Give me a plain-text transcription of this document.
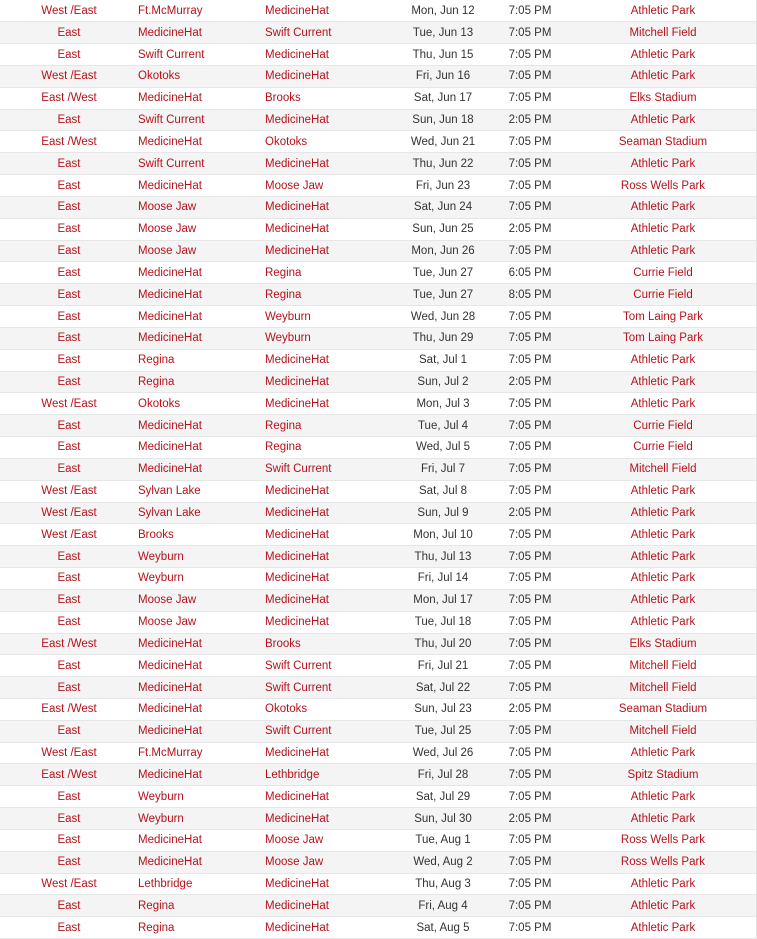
West /East	Ft.McMurray	MedicineHat	Mon, Jun 12	7:05 PM	Athletic Park
East	MedicineHat	Swift Current	Tue, Jun 13	7:05 PM	Mitchell Field
East	Swift Current	MedicineHat	Thu, Jun 15	7:05 PM	Athletic Park
West /East	Okotoks	MedicineHat	Fri, Jun 16	7:05 PM	Athletic Park
East /West	MedicineHat	Brooks	Sat, Jun 17	7:05 PM	Elks Stadium
East	Swift Current	MedicineHat	Sun, Jun 18	2:05 PM	Athletic Park
East /West	MedicineHat	Okotoks	Wed, Jun 21	7:05 PM	Seaman Stadium
East	Swift Current	MedicineHat	Thu, Jun 22	7:05 PM	Athletic Park
East	MedicineHat	Moose Jaw	Fri, Jun 23	7:05 PM	Ross Wells Park
East	Moose Jaw	MedicineHat	Sat, Jun 24	7:05 PM	Athletic Park
East	Moose Jaw	MedicineHat	Sun, Jun 25	2:05 PM	Athletic Park
East	Moose Jaw	MedicineHat	Mon, Jun 26	7:05 PM	Athletic Park
East	MedicineHat	Regina	Tue, Jun 27	6:05 PM	Currie Field
East	MedicineHat	Regina	Tue, Jun 27	8:05 PM	Currie Field
East	MedicineHat	Weyburn	Wed, Jun 28	7:05 PM	Tom Laing Park
East	MedicineHat	Weyburn	Thu, Jun 29	7:05 PM	Tom Laing Park
East	Regina	MedicineHat	Sat, Jul 1	7:05 PM	Athletic Park
East	Regina	MedicineHat	Sun, Jul 2	2:05 PM	Athletic Park
West /East	Okotoks	MedicineHat	Mon, Jul 3	7:05 PM	Athletic Park
East	MedicineHat	Regina	Tue, Jul 4	7:05 PM	Currie Field
East	MedicineHat	Regina	Wed, Jul 5	7:05 PM	Currie Field
East	MedicineHat	Swift Current	Fri, Jul 7	7:05 PM	Mitchell Field
West /East	Sylvan Lake	MedicineHat	Sat, Jul 8	7:05 PM	Athletic Park
West /East	Sylvan Lake	MedicineHat	Sun, Jul 9	2:05 PM	Athletic Park
West /East	Brooks	MedicineHat	Mon, Jul 10	7:05 PM	Athletic Park
East	Weyburn	MedicineHat	Thu, Jul 13	7:05 PM	Athletic Park
East	Weyburn	MedicineHat	Fri, Jul 14	7:05 PM	Athletic Park
East	Moose Jaw	MedicineHat	Mon, Jul 17	7:05 PM	Athletic Park
East	Moose Jaw	MedicineHat	Tue, Jul 18	7:05 PM	Athletic Park
East /West	MedicineHat	Brooks	Thu, Jul 20	7:05 PM	Elks Stadium
East	MedicineHat	Swift Current	Fri, Jul 21	7:05 PM	Mitchell Field
East	MedicineHat	Swift Current	Sat, Jul 22	7:05 PM	Mitchell Field
East /West	MedicineHat	Okotoks	Sun, Jul 23	2:05 PM	Seaman Stadium
East	MedicineHat	Swift Current	Tue, Jul 25	7:05 PM	Mitchell Field
West /East	Ft.McMurray	MedicineHat	Wed, Jul 26	7:05 PM	Athletic Park
East /West	MedicineHat	Lethbridge	Fri, Jul 28	7:05 PM	Spitz Stadium
East	Weyburn	MedicineHat	Sat, Jul 29	7:05 PM	Athletic Park
East	Weyburn	MedicineHat	Sun, Jul 30	2:05 PM	Athletic Park
East	MedicineHat	Moose Jaw	Tue, Aug 1	7:05 PM	Ross Wells Park
East	MedicineHat	Moose Jaw	Wed, Aug 2	7:05 PM	Ross Wells Park
West /East	Lethbridge	MedicineHat	Thu, Aug 3	7:05 PM	Athletic Park
East	Regina	MedicineHat	Fri, Aug 4	7:05 PM	Athletic Park
East	Regina	MedicineHat	Sat, Aug 5	7:05 PM	Athletic Park
